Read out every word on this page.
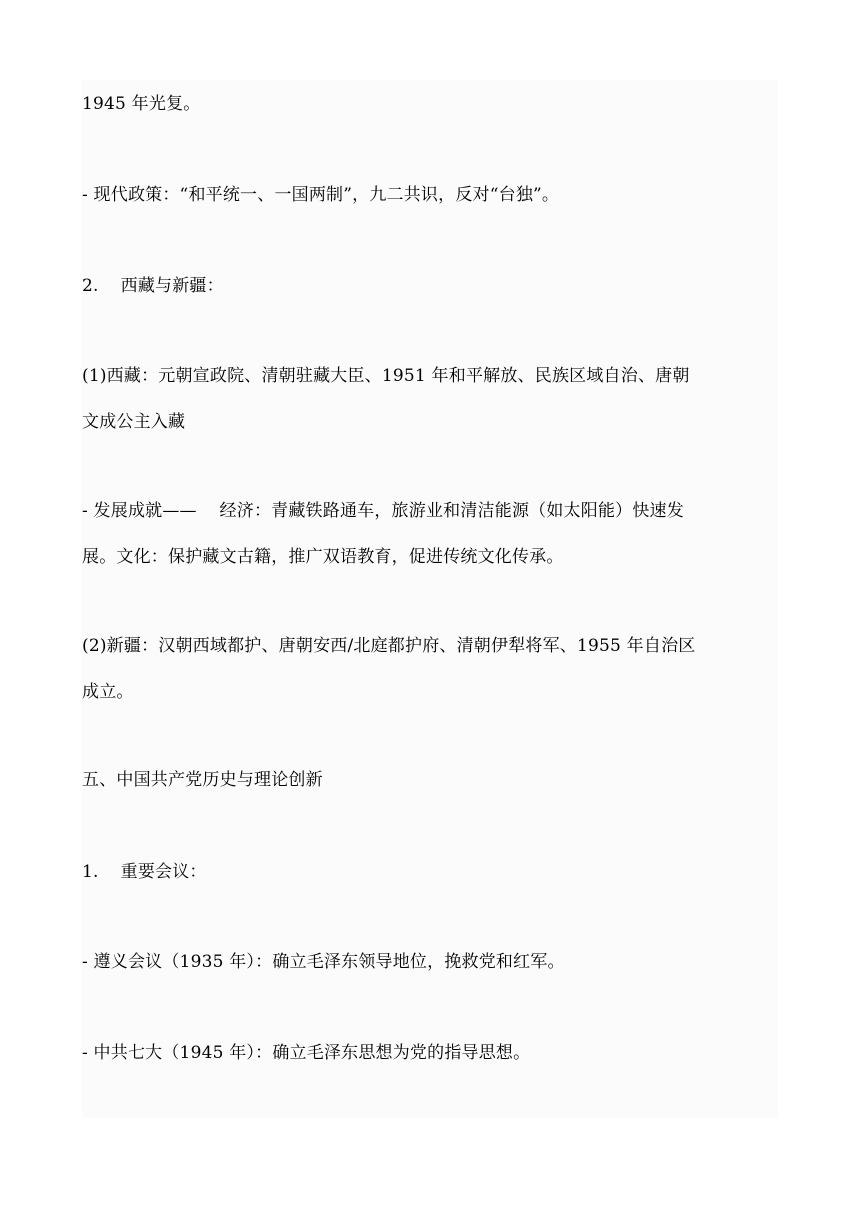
1945 年光复。
- 现代政策：“和平统一、一国两制”，九二共识，反对“台独”。
2. 西藏与新疆：
(1)西藏：元朝宣政院、清朝驻藏大臣、1951 年和平解放、民族区域自治、唐朝
文成公主入藏
- 发展成就——　 经济：青藏铁路通车，旅游业和清洁能源（如太阳能）快速发
展。文化：保护藏文古籍，推广双语教育，促进传统文化传承。
(2)新疆：汉朝西域都护、唐朝安西/北庭都护府、清朝伊犁将军、1955 年自治区
成立。
五、中国共产党历史与理论创新
1. 重要会议：
- 遵义会议（1935 年）：确立毛泽东领导地位，挽救党和红军。
- 中共七大（1945 年）：确立毛泽东思想为党的指导思想。
